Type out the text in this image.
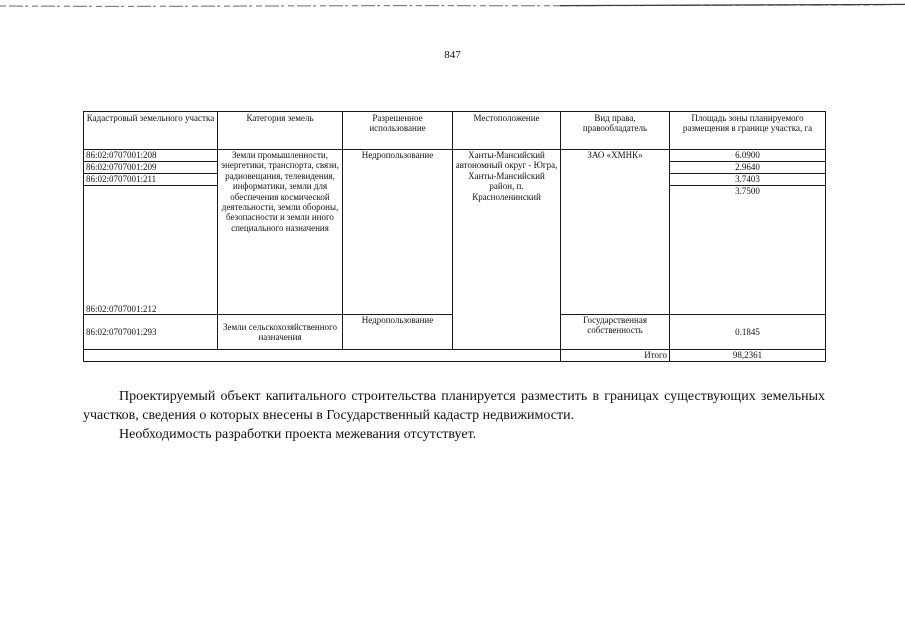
847
Кадастровый земельного участка	Категория земель	Разрешенное использование	Местоположение	Вид права, правообладатель	Площадь зоны планируемого размещения в границе участка, га
86:02:0707001:208	Земли промышленности, энергетики, транспорта, связи, радиовещания, телевидения, информатики, земли для обеспечения космической деятельности, земли обороны, безопасности и земли иного специального назначения	Недропользование	Ханты-Мансийский автономный округ - Югра, Ханты-Мансийский район, п. Красноленинский	ЗАО «ХМНК»	6.0900
86:02:0707001:209					2.9640
86:02:0707001:211					3.7403
86:02:0707001:212					3.7500
86:02:0707001:293	Земли сельскохозяйственного назначения	Недропользование		Государственная собственность	0.1845
				Итого	98,2361

Проектируемый объект капитального строительства планируется разместить в границах существующих земельных участков, сведения о которых внесены в Государственный кадастр недвижимости.

Необходимость разработки проекта межевания отсутствует.
